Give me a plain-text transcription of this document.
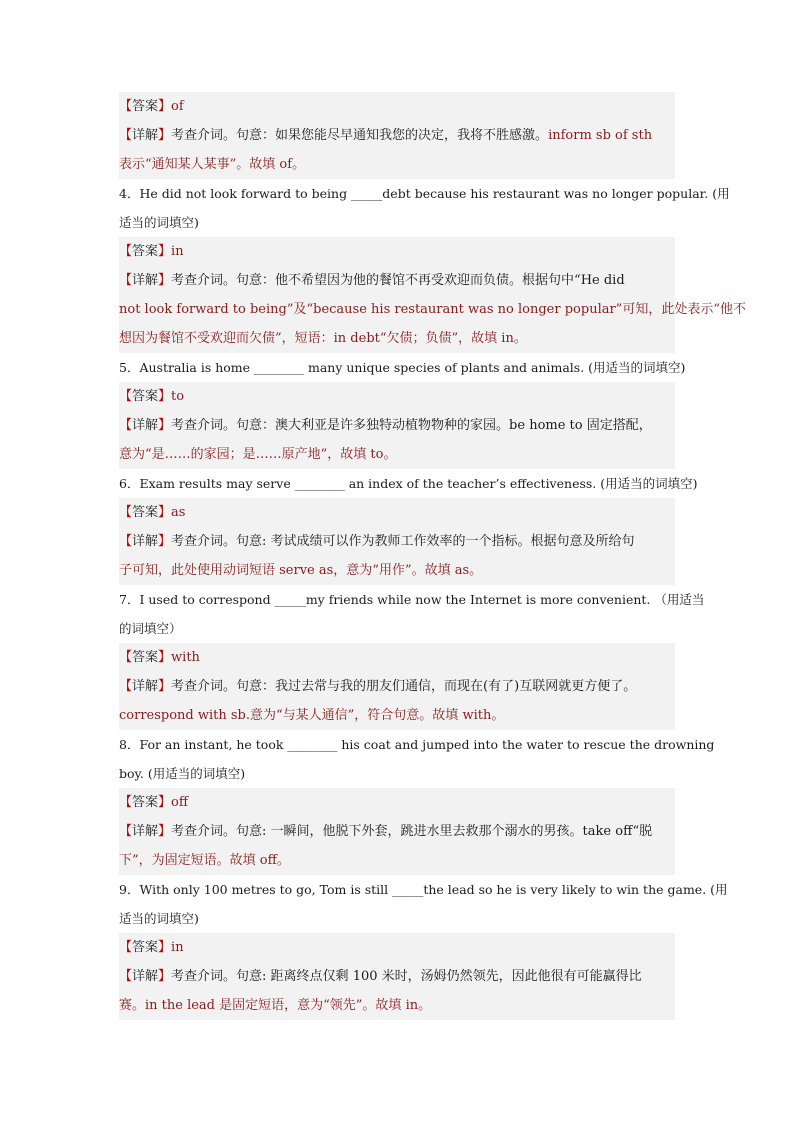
【答案】of
【详解】考查介词。句意：如果您能尽早通知我您的决定，我将不胜感激。inform sb of sth
表示“通知某人某事”。故填 of。
4．He did not look forward to being _____debt because his restaurant was no longer popular. (用
适当的词填空)
【答案】in
【详解】考查介词。句意：他不希望因为他的餐馆不再受欢迎而负债。根据句中“He did
not look forward to being”及“because his restaurant was no longer popular”可知，此处表示“他不
想因为餐馆不受欢迎而欠债”，短语：in debt“欠债；负债”，故填 in。
5．Australia is home ________ many unique species of plants and animals. (用适当的词填空)
【答案】to
【详解】考查介词。句意：澳大利亚是许多独特动植物物种的家园。be home to 固定搭配，
意为“是……的家园；是……原产地”，故填 to。
6．Exam results may serve ________ an index of the teacher’s effectiveness. (用适当的词填空)
【答案】as
【详解】考查介词。句意: 考试成绩可以作为教师工作效率的一个指标。根据句意及所给句
子可知，此处使用动词短语 serve as，意为“用作”。故填 as。
7．I used to correspond _____my friends while now the Internet is more convenient. （用适当
的词填空）
【答案】with
【详解】考查介词。句意：我过去常与我的朋友们通信，而现在(有了)互联网就更方便了。
correspond with sb.意为“与某人通信”，符合句意。故填 with。
8．For an instant, he took ________ his coat and jumped into the water to rescue the drowning
boy. (用适当的词填空)
【答案】off
【详解】考查介词。句意: 一瞬间，他脱下外套，跳进水里去救那个溺水的男孩。take off“脱
下”，为固定短语。故填 off。
9．With only 100 metres to go, Tom is still _____the lead so he is very likely to win the game. (用
适当的词填空)
【答案】in
【详解】考查介词。句意: 距离终点仅剩 100 米时，汤姆仍然领先，因此他很有可能赢得比
赛。in the lead 是固定短语，意为“领先”。故填 in。
